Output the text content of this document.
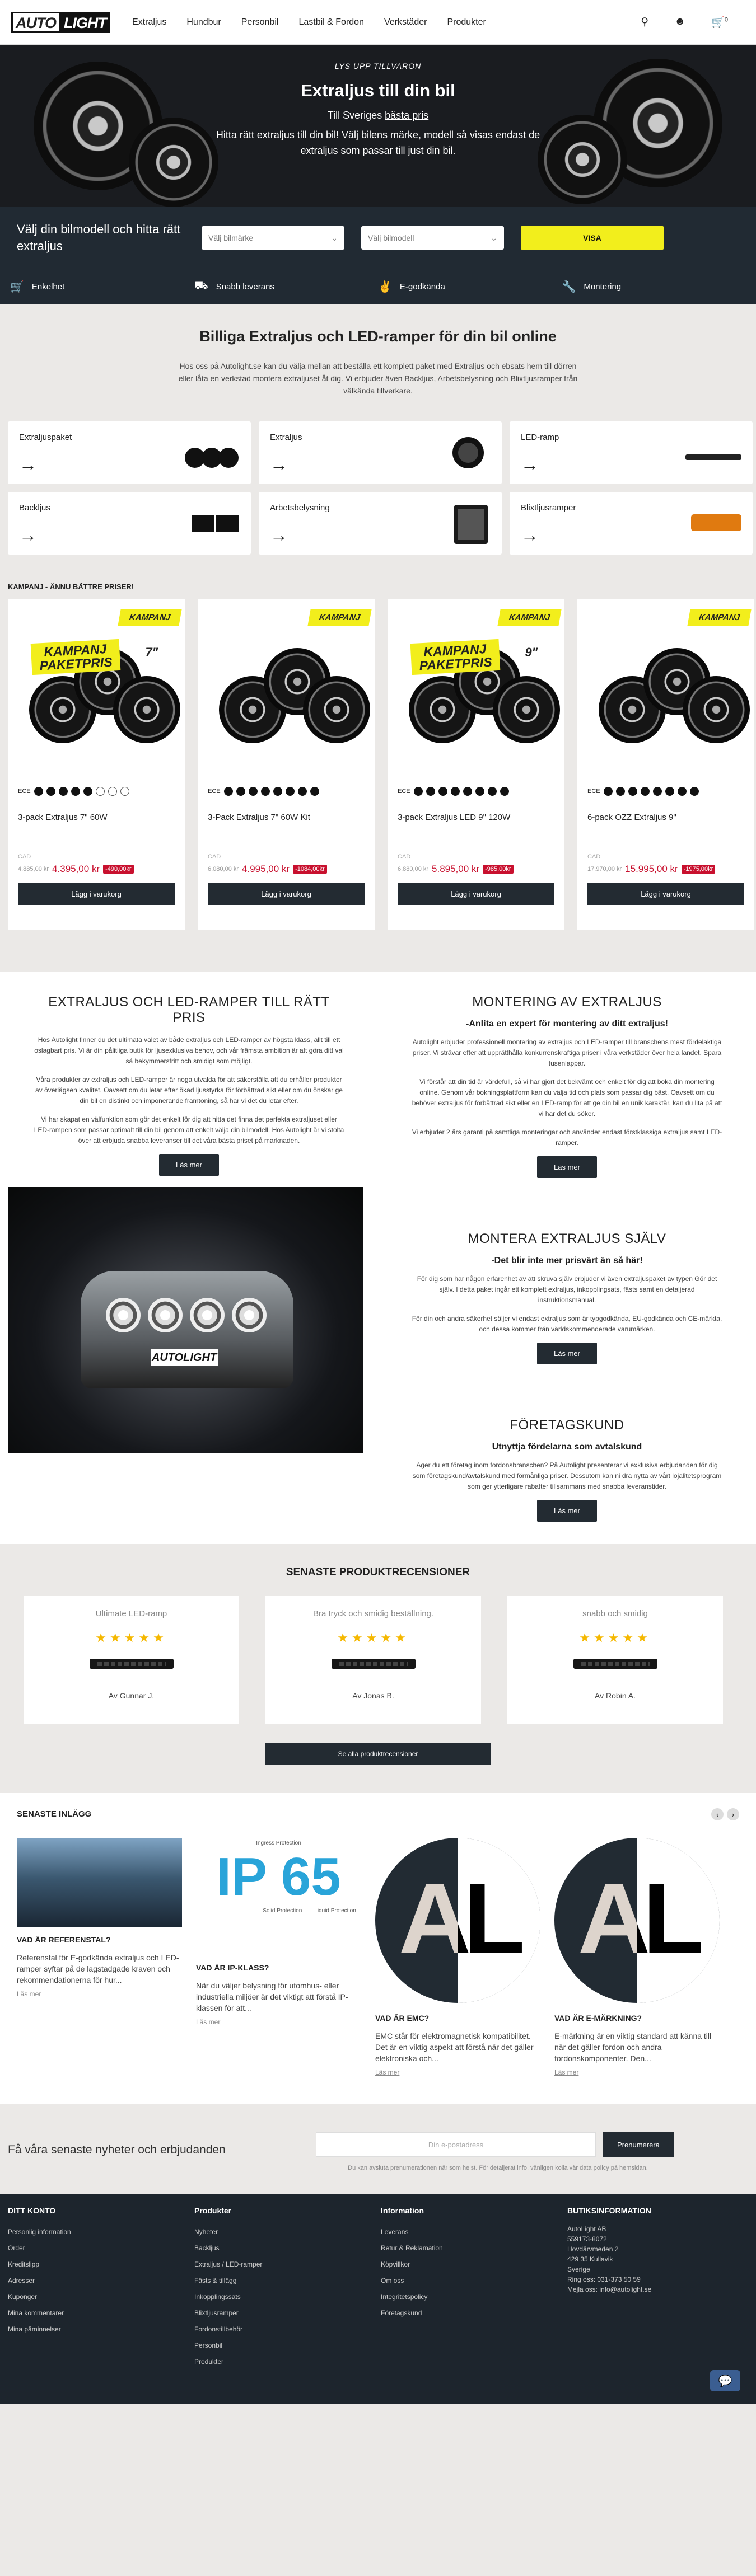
AUTO LIGHT	Extraljus Hundbur Personbil Lastbil & Fordon Verkstäder Produkter	⚲ ☻ 🛒$^0$
LYS UPP TILLVARON
Extraljus till din bil
Till Sveriges bästa pris
Hitta rätt extraljus till din bil! Välj bilens märke, modell så visas endast de extraljus som passar till just din bil.
Välj din bilmodell och hitta rätt extraljus
Välj bilmärke	⌄	Välj bilmodell	⌄	VISA
🛒 Enkelhet	⛟ Snabb leverans	✌ E-godkända	🔧 Montering
Billiga Extraljus och LED-ramper för din bil online

Hos oss på Autolight.se kan du välja mellan att beställa ett komplett paket med Extraljus och ebsats hem till dörren eller låta en verkstad montera extraljuset åt dig. Vi erbjuder även Backljus, Arbetsbelysning och Blixtljusramper från välkända tillverkare.

Extraljuspaket
→
Extraljus
→
LED-ramp
→
Backljus
→
Arbetsbelysning
→
Blixtljusramper
→
KAMPANJ - ÄNNU BÄTTRE PRISER!
KAMPANJ
KAMPANJ
PAKETPRIS
7"
ECE
3-pack Extraljus 7" 60W
CAD
4.885,00 kr 4.395,00 kr -490,00kr
Lägg i varukorg
KAMPANJ
ECE
3-Pack Extraljus 7" 60W Kit
CAD
6.080,00 kr 4.995,00 kr -1084,00kr
Lägg i varukorg
KAMPANJ
KAMPANJ
PAKETPRIS
9"
ECE
3-pack Extraljus LED 9" 120W
CAD
6.880,00 kr 5.895,00 kr -985,00kr
Lägg i varukorg
KAMPANJ
ECE
6-pack OZZ Extraljus 9"
CAD
17.970,00 kr 15.995,00 kr -1975,00kr
Lägg i varukorg
EXTRALJUS OCH LED-RAMPER TILL RÄTT PRIS

Hos Autolight finner du det ultimata valet av både extraljus och LED-ramper av högsta klass, allt till ett oslagbart pris. Vi är din pålitliga butik för ljusexklusiva behov, och vår främsta ambition är att göra ditt val så bekymmersfritt och smidigt som möjligt.

Våra produkter av extraljus och LED-ramper är noga utvalda för att säkerställa att du erhåller produkter av överlägsen kvalitet. Oavsett om du letar efter ökad ljusstyrka för förbättrad sikt eller om du önskar ge din bil en distinkt och imponerande framtoning, så har vi det du letar efter.

Vi har skapat en välfunktion som gör det enkelt för dig att hitta det finna det perfekta extraljuset eller LED-rampen som passar optimalt till din bil genom att enkelt välja din bilmodell. Hos Autolight är vi stolta över att erbjuda snabba leveranser till det våra bästa priset på marknaden.

Läs mer
AUTOLIGHT
MONTERING AV EXTRALJUS
-Anlita en expert för montering av ditt extraljus!

Autolight erbjuder professionell montering av extraljus och LED-ramper till branschens mest fördelaktiga priser. Vi strävar efter att upprätthålla konkurrenskraftiga priser i våra verkstäder över hela landet. Spara tusenlappar.

Vi förstår att din tid är värdefull, så vi har gjort det bekvämt och enkelt för dig att boka din montering online. Genom vår bokningsplattform kan du välja tid och plats som passar dig bäst. Oavsett om du behöver extraljus för förbättrad sikt eller en LED-ramp för att ge din bil en unik karaktär, kan du lita på att vi har det du söker.

Vi erbjuder 2 års garanti på samtliga monteringar och använder endast förstklassiga extraljus samt LED-ramper.

Läs mer
MONTERA EXTRALJUS SJÄLV
-Det blir inte mer prisvärt än så här!

För dig som har någon erfarenhet av att skruva själv erbjuder vi även extraljuspaket av typen Gör det själv. I detta paket ingår ett komplett extraljus, inkopplingsats, fästs samt en detaljerad instruktionsmanual.

För din och andra säkerhet säljer vi endast extraljus som är typgodkända, EU-godkända och CE-märkta, och dessa kommer från världskommenderade varumärken.

Läs mer
FÖRETAGSKUND
Utnyttja fördelarna som avtalskund

Äger du ett företag inom fordonsbranschen? På Autolight presenterar vi exklusiva erbjudanden för dig som företagskund/avtalskund med förmånliga priser. Dessutom kan ni dra nytta av vårt lojalitetsprogram som ger ytterligare rabatter tillsammans med snabba leveranstider.

Läs mer
SENASTE PRODUKTRECENSIONER
Ultimate LED-ramp
★★★★★
Av Gunnar J.
Bra tryck och smidig beställning.
★★★★★
Av Jonas B.
snabb och smidig
★★★★★
Av Robin A.
Se alla produktrecensioner
SENASTE INLÄGG	‹	›
VAD ÄR REFERENSTAL?
Referenstal för E-godkända extraljus och LED-ramper syftar på de lagstadgade kraven och rekommendationerna för hur...
Läs mer
Ingress Protection
IP 65
Solid Protection Liquid Protection
VAD ÄR IP-KLASS?
När du väljer belysning för utomhus- eller industriella miljöer är det viktigt att förstå IP-klassen för att...
Läs mer
AL
VAD ÄR EMC?
EMC står för elektromagnetisk kompatibilitet. Det är en viktig aspekt att förstå när det gäller elektroniska och...
Läs mer
AL
VAD ÄR E-MÄRKNING?
E-märkning är en viktig standard att känna till när det gäller fordon och andra fordonskomponenter. Den...
Läs mer
Få våra senaste nyheter och erbjudanden	Din e-postadress	Prenumerera
Du kan avsluta prenumerationen när som helst. För detaljerat info, vänligen kolla vår data policy på hemsidan.
DITT KONTO
Personlig information
Order
Kreditslipp
Adresser
Kuponger
Mina kommentarer
Mina påminnelser
Produkter
Nyheter
Backljus
Extraljus / LED-ramper
Fästs & tillägg
Inkopplingssats
Blixtljusramper
Fordonstillbehör
Personbil
Produkter
Information
Leverans
Retur & Reklamation
Köpvillkor
Om oss
Integritetspolicy
Företagskund
BUTIKSINFORMATION
AutoLight AB
559173-8072
Hovdärvmeden 2
429 35 Kullavik
Sverige
Ring oss: 031-373 50 59
Mejla oss: info@autolight.se
💬
